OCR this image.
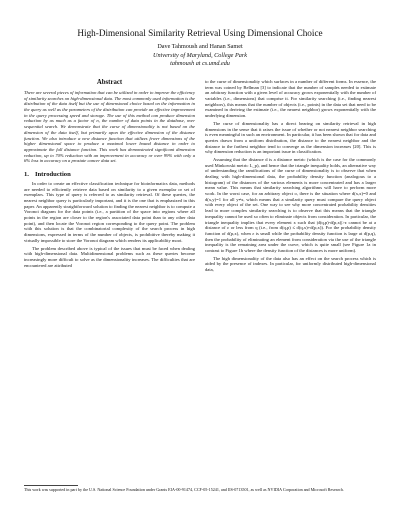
High-Dimensional Similarity Retrieval Using Dimensional Choice
Dave Tahmoush and Hanan Samet
University of Maryland, College Park
tahmoush at cs.umd.edu
Abstract

There are several pieces of information that can be utilized in order to improve the efficiency of similarity searches on high-dimensional data. The most commonly used information is the distribution of the data itself but the use of dimensional choice based on the information in the query as well as the parameters of the distribution can provide an effective improvement in the query processing speed and storage. The use of this method can produce dimension reduction by as much as a factor of n, the number of data points in the database, over sequential search. We demonstrate that the curse of dimensionality is not based on the dimension of the data itself, but primarily upon the effective dimension of the distance function. We also introduce a new distance function that utilizes fewer dimensions of the higher dimensional space to produce a maximal lower bound distance in order to approximate the full distance function. This work has demonstrated significant dimension reduction, up to 70% reduction with an improvement in accuracy or over 99% with only a 6% loss in accuracy on a prostate cancer data set.

1. Introduction

In order to create an effective classification technique for bioinformatics data, methods are needed to efficiently retrieve data based on similarity to a given exemplar or set of exemplars. This type of query is referred to as similarity retrieval. Of these queries, the nearest neighbor query is particularly important, and it is the one that is emphasized in this paper. An apparently straightforward solution to finding the nearest neighbor is to compute a Voronoi diagram for the data points (i.e., a partition of the space into regions where all points in the region are closer to the region's associated data point than to any other data point), and then locate the Voronoi region corresponding to the query point. The problem with this solution is that the combinatorial complexity of the search process in high dimensions, expressed in terms of the number of objects, is prohibitive thereby making it virtually impossible to store the Voronoi diagram which renders its applicability moot.

The problem described above is typical of the issues that must be faced when dealing with high-dimensional data. Multidimensional problems such as these queries become increasingly more difficult to solve as the dimensionality increases. The difficulties that are encountered are attributed

to the curse of dimensionality which surfaces in a number of different forms. In essence, the term was coined by Bellman [3] to indicate that the number of samples needed to estimate an arbitrary function with a given level of accuracy grows exponentially with the number of variables (i.e., dimensions) that comprise it. For similarity searching (i.e., finding nearest neighbors), this means that the number of objects (i.e., points) in the data set that need to be examined in deriving the estimate (i.e., the nearest neighbor) grows exponentially with the underlying dimension.

The curse of dimensionality has a direct bearing on similarity retrieval in high dimensions in the sense that it raises the issue of whether or not nearest neighbor searching is even meaningful in such an environment. In particular, it has been shown that for data and queries drawn from a uniform distribution, the distance to the nearest neighbor and the distance to the farthest neighbor tend to converge as the dimension increases [20]. This is why dimension reduction is an important issue in classification.

Assuming that the distance d is a distance metric (which is the case for the commonly used Minkowski metric L_p), and hence that the triangle inequality holds, an alternative way of understanding the ramifications of the curse of dimensionality is to observe that when dealing with high-dimensional data, the probability density function (analogous to a histogram) of the distances of the various elements is more concentrated and has a larger mean value. This means that similarity searching algorithms will have to perform more work. In the worst case, for an arbitrary object o, there is the situation where d(x,x)=0 and d(x,y)=1 for all y≠x, which means that a similarity query must compare the query object with every object of the set. One way to see why more concentrated probability densities lead to more complex similarity searching is to observe that this means that the triangle inequality cannot be used so often to eliminate objects from consideration. In particular, the triangle inequality implies that every element x such that |d(q,p)-d(p,x)|>ε cannot be at a distance of ε or less from q (i.e., from d(q,p) ≤ d(q,x)+d(p,x)). For the probability density function of d(p,x), when ε is small while the probability density function is large at d(p,q), then the probability of eliminating an element from consideration via the use of the triangle inequality is the remaining area under the curve, which is quite small (see Figure 1a in contrast to Figure 1b where the density function of the distances is more uniform).

The high dimensionality of the data also has an effect on the search process which is aided by the presence of indexes. In particular, for uniformly distributed high-dimensional data,

This work was supported in part by the U.S. National Science Foundation under Grants EIA-00-91474, CCF-05-15241, and IIS-0713501, as well as NVIDIA Corporation and Microsoft Research.
